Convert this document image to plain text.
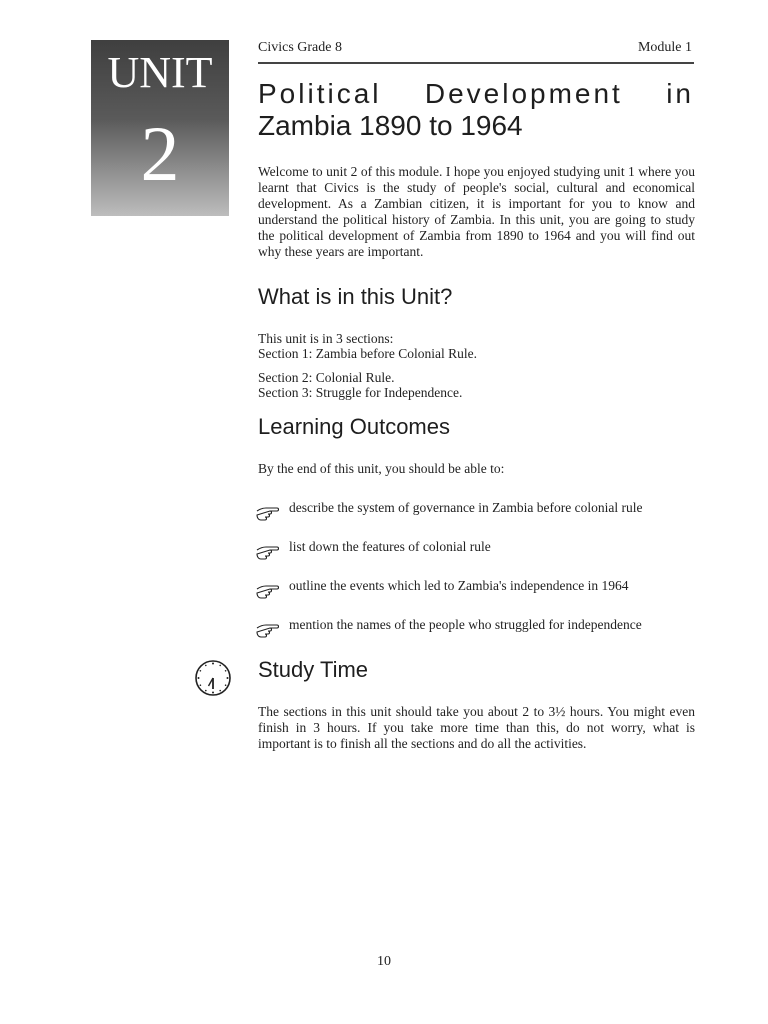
UNIT
2
Civics Grade 8	Module 1
Political Development in
Zambia 1890 to 1964
Welcome to unit 2 of this module. I hope you enjoyed studying unit 1 where you learnt that Civics is the study of people's social, cultural and economical development. As a Zambian citizen, it is important for you to know and understand the political history of Zambia. In this unit, you are going to study the political development of Zambia from 1890 to 1964 and you will find out why these years are important.
What is in this Unit?
This unit is in 3 sections:
Section 1: Zambia before Colonial Rule.
Section 2: Colonial Rule.
Section 3: Struggle for Independence.
Learning Outcomes
By the end of this unit, you should be able to:
describe the system of governance in Zambia before colonial rule
list down the features of colonial rule
outline the events which led to Zambia's independence in 1964
mention the names of the people who struggled for independence
Study Time
The sections in this unit should take you about 2 to 3½ hours. You might even finish in 3 hours. If you take more time than this, do not worry, what is important is to finish all the sections and do all the activities.
10
